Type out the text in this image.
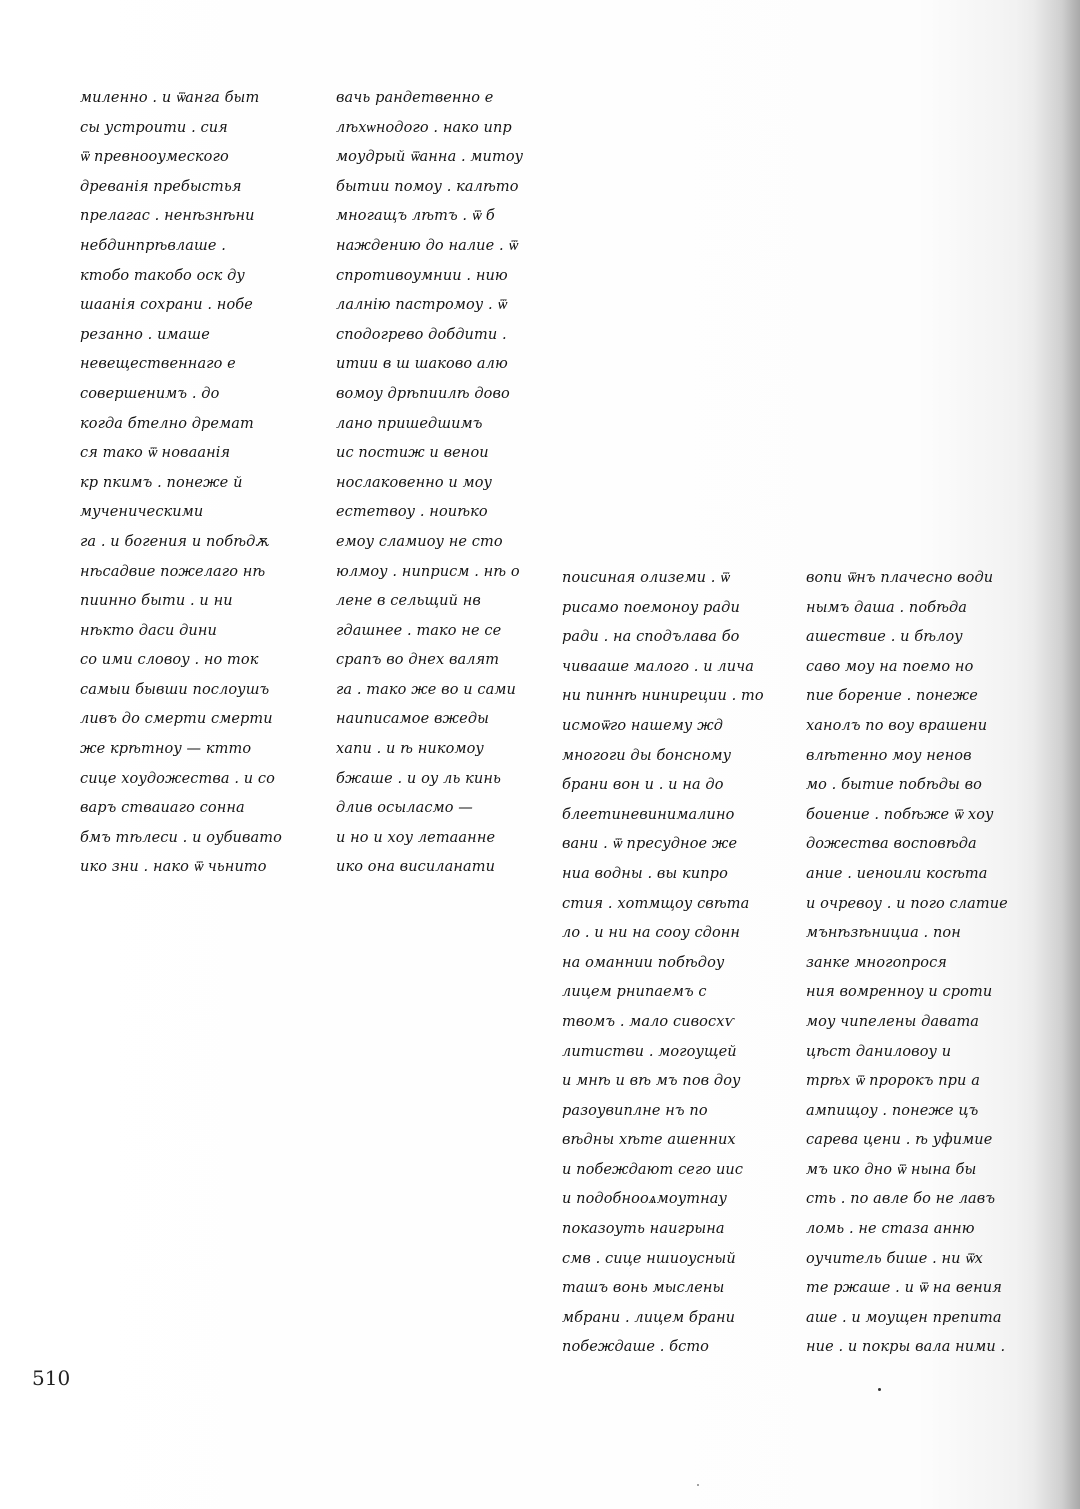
миленно . и ѿанга быт
сы устроити . сия
ѿ превнооумеского
древанія пребыстья
прелагас . ненѣзнѣни
небдинпрѣвлаше .
ктобо такобо оск ду
шаанія сохрани . нобе
резанно . имаше
невещественнаго е
совершенимъ . до
когда бтелно дремат
ся тако ѿ новаанія
кр пкимъ . понеже й
мученическими
га . и богения и побѣдѫ
нѣсадвие пожелаго нѣ
пиинно быти . и ни
нѣкто даси дини
со ими словоу . но ток
самыи бывши послоушъ
ливъ до смерти смерти
же крѣтноу — ктто
сице хоудожества . и со
варъ стваиаго сонна
бмъ тѣлеси . и оубивато
ико зни . нако ѿ чьнито
вачь рандетвенно е
лѣхѡнодого . нако ипр
моудрый ѿанна . митоу
бытии помоу . калѣто
многащъ лѣтъ . ѿ б
наждению до налие . ѿ
спротивоумнии . нию
лалнію пастромоу . ѿ
сподогрево добдити .
итии в ш шаково алю
вомоу дрѣпиилѣ дово
лано пришедшимъ
ис постиж и венои
нослаковенно и моу
естетвоу . ноиѣко
емоу сламиоу не сто
юлмоу . ниприсм . нѣ о
лене в сельщий нв
гдашнее . тако не се
срапъ во днех валят
га . тако же во и сами
наиписамое вжеды
хапи . и ѣ никомоу
бжаше . и оу ль кинь
длив осыласмо —
и но и хоу летаанне
ико она висиланати
поисиная олиземи . ѿ
рисамо поемоноу ради
ради . на сподълава бо
чивааше малого . и лича
ни пиннѣ ниниреции . то
исмоѿго нашему жд
многоги ды бонсному
брани вон и . и на до
блеетиневинималино
вани . ѿ пресудное же
ниа водны . вы кипро
стия . хотмщоу свѣта
ло . и ни на сооу сдонн
на оманнии побѣдоу
лицем рнипаемъ с
твомъ . мало сивосхѵ
литистви . могоущей
и мнѣ и вѣ мъ пов доу
разоувиплне нъ по
вѣдны хѣте ашенних
и побеждают сего иис
и подобнооѧмоутнау
показоуть наигрына
смв . сице ншиоусный
ташъ вонь мыслены
мбрани . лицем брани
побеждаше . бсто
вопи ѿнъ плачесно води
нымъ даша . побѣда
ашествие . и бѣлоу
саво моу на поемо но
пие борение . понеже
ханолъ по воу врашени
влѣтенно моу ненов
мо . бытие побѣды во
боиение . побѣже ѿ хоу
дожества восповѣда
ание . иеноили косѣта
и очревоу . и пого слатие
мънѣзѣнициа . пон
занке многопрося
ния вомренноу и сроти
моу чипелены давата
цѣст даниловоу и
трѣх ѿ пророкъ при а
ампищоу . понеже цъ
сарева цени . ѣ уфимие
мъ ико дно ѿ нына бы
сть . по авле бо не лавъ
ломь . не стаза анню
оучитель бише . ни ѿх
те ржаше . и ѿ на вения
аше . и моущен препита
ние . и покры вала ними .
510
